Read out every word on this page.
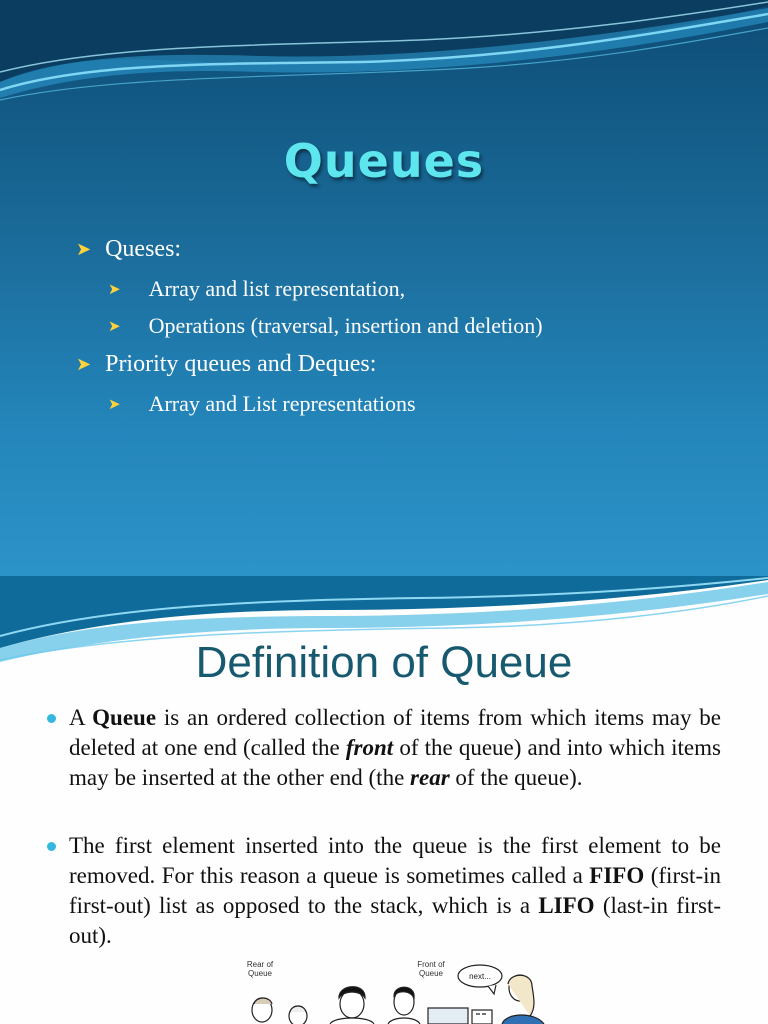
Queues
➤ Queses:
➤ Array and list representation,
➤ Operations (traversal, insertion and deletion)
➤ Priority queues and Deques:
➤ Array and List representations
Definition of Queue
A Queue is an ordered collection of items from which items may be deleted at one end (called the front of the queue) and into which items may be inserted at the other end (the rear of the queue).
The first element inserted into the queue is the first element to be removed. For this reason a queue is sometimes called a FIFO (first-in first-out) list as opposed to the stack, which is a LIFO (last-in first-out).
Rear of Queue
Front of Queue	next...
